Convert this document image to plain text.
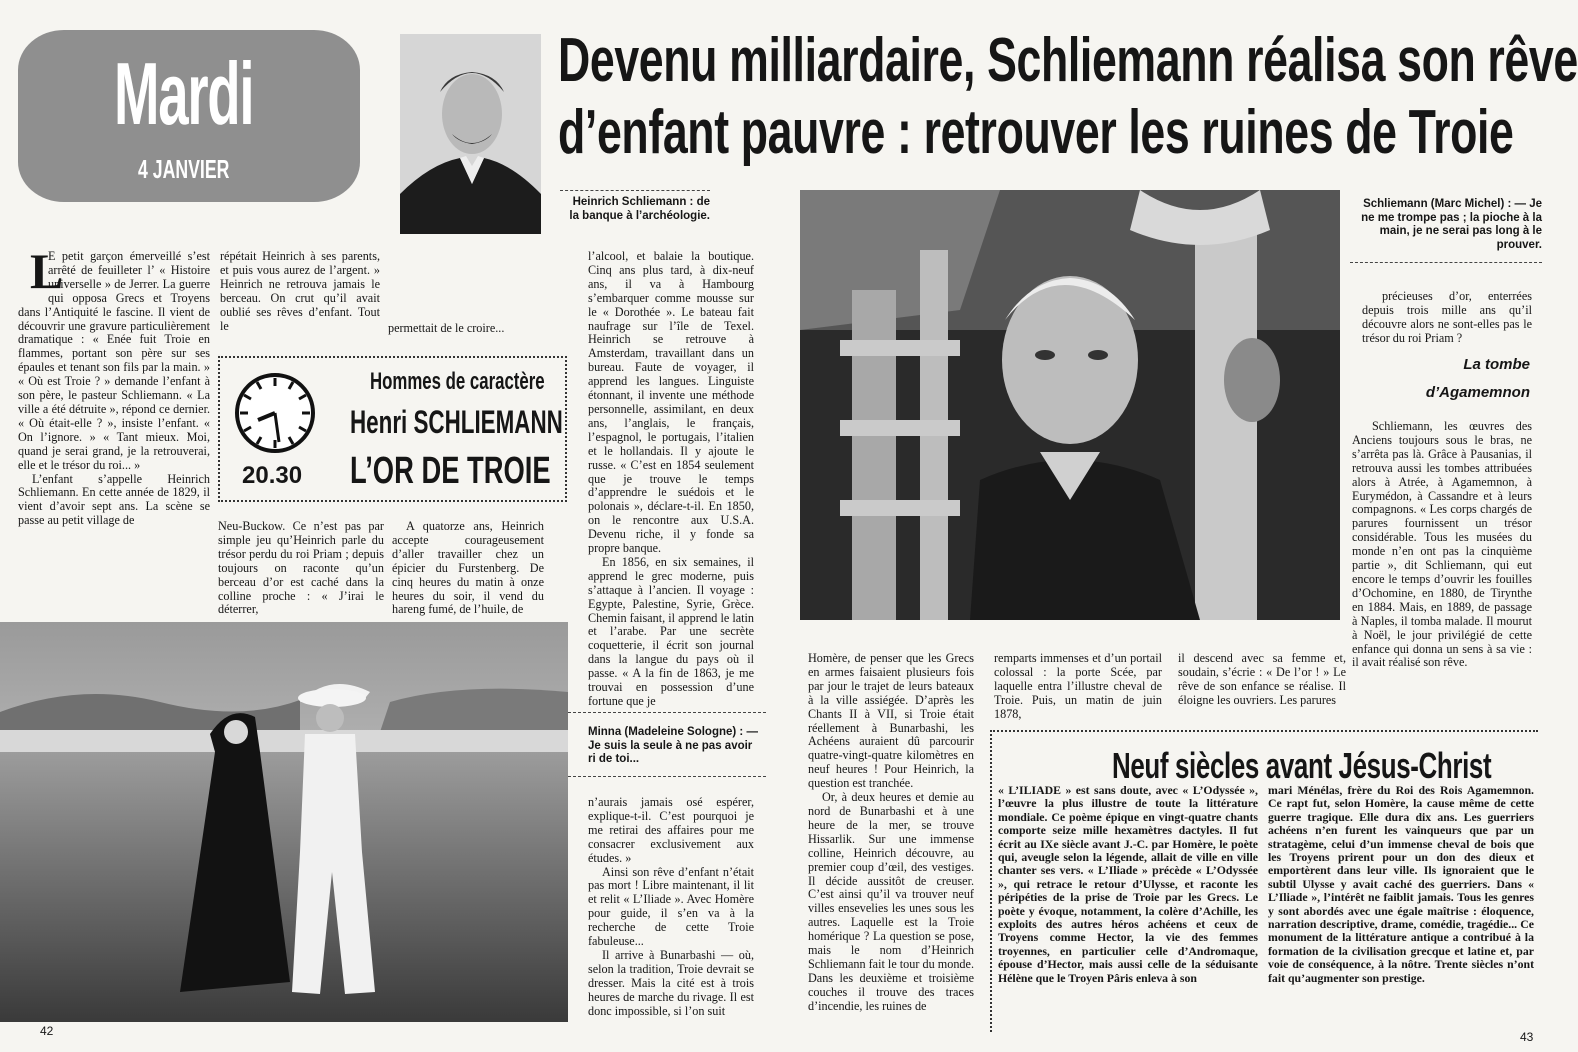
Mardi
4 JANVIER
Heinrich Schliemann : de la banque à l’archéologie.
Devenu milliardaire, Schliemann réalisa son rêve
d’enfant pauvre : retrouver les ruines de Troie
L

E petit garçon émerveillé s’est arrêté de feuilleter l’ « Histoire universelle » de Jerrer. La guerre qui opposa Grecs et Troyens dans l’Antiquité le fascine. Il vient de découvrir une gravure particulièrement dramatique : « Enée fuit Troie en flammes, portant son père sur ses épaules et tenant son fils par la main. » « Où est Troie ? » demande l’enfant à son père, le pasteur Schliemann. « La ville a été détruite », répond ce dernier. « Où était-elle ? », insiste l’enfant. « On l’ignore. » « Tant mieux. Moi, quand je serai grand, je la retrouverai, elle et le trésor du roi... »

L’enfant s’appelle Heinrich Schliemann. En cette année de 1829, il vient d’avoir sept ans. La scène se passe au petit village de

répétait Heinrich à ses parents, et puis vous aurez de l’argent. » Heinrich ne retrouva jamais le berceau. On crut qu’il avait oublié ses rêves d’enfant. Tout le	permettait de le croire...
20.30
Hommes de caractère
Henri SCHLIEMANN
L’OR DE TROIE
Neu-Buckow. Ce n’est pas par simple jeu qu’Heinrich parle du trésor perdu du roi Priam ; depuis toujours on raconte qu’un berceau d’or est caché dans la colline proche : « J’irai le déterrer,
A quatorze ans, Heinrich accepte courageusement d’aller travailler chez un épicier du Furstenberg. De cinq heures du matin à onze heures du soir, il vend du hareng fumé, de l’huile, de

l’alcool, et balaie la boutique. Cinq ans plus tard, à dix-neuf ans, il va à Hambourg s’embarquer comme mousse sur le « Dorothée ». Le bateau fait naufrage sur l’île de Texel. Heinrich se retrouve à Amsterdam, travaillant dans un bureau. Faute de voyager, il apprend les langues. Linguiste étonnant, il invente une méthode personnelle, assimilant, en deux ans, l’anglais, le français, l’espagnol, le portugais, l’italien et le hollandais. Il y ajoute le russe. « C’est en 1854 seulement que je trouve le temps d’apprendre le suédois et le polonais », déclare-t-il. En 1850, on le rencontre aux U.S.A. Devenu riche, il y fonde sa propre banque.

En 1856, en six semaines, il apprend le grec moderne, puis s’attaque à l’ancien. Il voyage : Egypte, Palestine, Syrie, Grèce. Chemin faisant, il apprend le latin et l’arabe. Par une secrète coquetterie, il écrit son journal dans la langue du pays où il passe. « A la fin de 1863, je me trouvai en possession d’une fortune que je

Minna (Madeleine Sologne) : — Je suis la seule à ne pas avoir ri de toi...

n’aurais jamais osé espérer, explique-t-il. C’est pourquoi je me retirai des affaires pour me consacrer exclusivement aux études. »

Ainsi son rêve d’enfant n’était pas mort ! Libre maintenant, il lit et relit « L’Iliade ». Avec Homère pour guide, il s’en va à la recherche de cette Troie fabuleuse...

Il arrive à Bunarbashi — où, selon la tradition, Troie devrait se dresser. Mais la cité est à trois heures de marche du rivage. Il est donc impossible, si l’on suit

42
Schliemann (Marc Michel) : — Je ne me trompe pas ; la pioche à la main, je ne serai pas long à le prouver.
précieuses d’or, enterrées depuis trois mille ans qu’il découvre alors ne sont-elles pas le trésor du roi Priam ?
La tombe
d’Agamemnon
Schliemann, les œuvres des Anciens toujours sous le bras, ne s’arrêta pas là. Grâce à Pausanias, il retrouva aussi les tombes attribuées alors à Atrée, à Agamemnon, à Eurymédon, à Cassandre et à leurs compagnons. « Les corps chargés de parures fournissent un trésor considérable. Tous les musées du monde n’en ont pas la cinquième partie », dit Schliemann, qui eut encore le temps d’ouvrir les fouilles d’Ochomine, en 1880, de Tirynthe en 1884. Mais, en 1889, de passage à Naples, il tomba malade. Il mourut à Noël, le jour privilégié de cette enfance qui donna un sens à sa vie : il avait réalisé son rêve.

Homère, de penser que les Grecs en armes faisaient plusieurs fois par jour le trajet de leurs bateaux à la ville assiégée. D’après les Chants II à VII, si Troie était réellement à Bunarbashi, les Achéens auraient dû parcourir quatre-vingt-quatre kilomètres en neuf heures ! Pour Heinrich, la question est tranchée.

Or, à deux heures et demie au nord de Bunarbashi et à une heure de la mer, se trouve Hissarlik. Sur une immense colline, Heinrich découvre, au premier coup d’œil, des vestiges. Il décide aussitôt de creuser. C’est ainsi qu’il va trouver neuf villes ensevelies les unes sous les autres. Laquelle est la Troie homérique ? La question se pose, mais le nom d’Heinrich Schliemann fait le tour du monde. Dans les deuxième et troisième couches il trouve des traces d’incendie, les ruines de

remparts immenses et d’un portail colossal : la porte Scée, par laquelle entra l’illustre cheval de Troie. Puis, un matin de juin 1878,
il descend avec sa femme et, soudain, s’écrie : « De l’or ! » Le rêve de son enfance se réalise. Il éloigne les ouvriers. Les parures
Neuf siècles avant Jésus-Christ
« L’ILIADE » est sans doute, avec « L’Odyssée », l’œuvre la plus illustre de toute la littérature mondiale. Ce poème épique en vingt-quatre chants comporte seize mille hexamètres dactyles. Il fut écrit au IXe siècle avant J.-C. par Homère, le poète qui, aveugle selon la légende, allait de ville en ville chanter ses vers. « L’Iliade » précède « L’Odyssée », qui retrace le retour d’Ulysse, et raconte les péripéties de la prise de Troie par les Grecs. Le poète y évoque, notamment, la colère d’Achille, les exploits des autres héros achéens et ceux de Troyens comme Hector, la vie des femmes troyennes, en particulier celle d’Andromaque, épouse d’Hector, mais aussi celle de la séduisante Hélène que le Troyen Pâris enleva à son
mari Ménélas, frère du Roi des Rois Agamemnon. Ce rapt fut, selon Homère, la cause même de cette guerre tragique. Elle dura dix ans. Les guerriers achéens n’en furent les vainqueurs que par un stratagème, celui d’un immense cheval de bois que les Troyens prirent pour un don des dieux et emportèrent dans leur ville. Ils ignoraient que le subtil Ulysse y avait caché des guerriers. Dans « L’Iliade », l’intérêt ne faiblit jamais. Tous les genres y sont abordés avec une égale maîtrise : éloquence, narration descriptive, drame, comédie, tragédie... Ce monument de la littérature antique a contribué à la formation de la civilisation grecque et latine et, par voie de conséquence, à la nôtre. Trente siècles n’ont fait qu’augmenter son prestige.
43
